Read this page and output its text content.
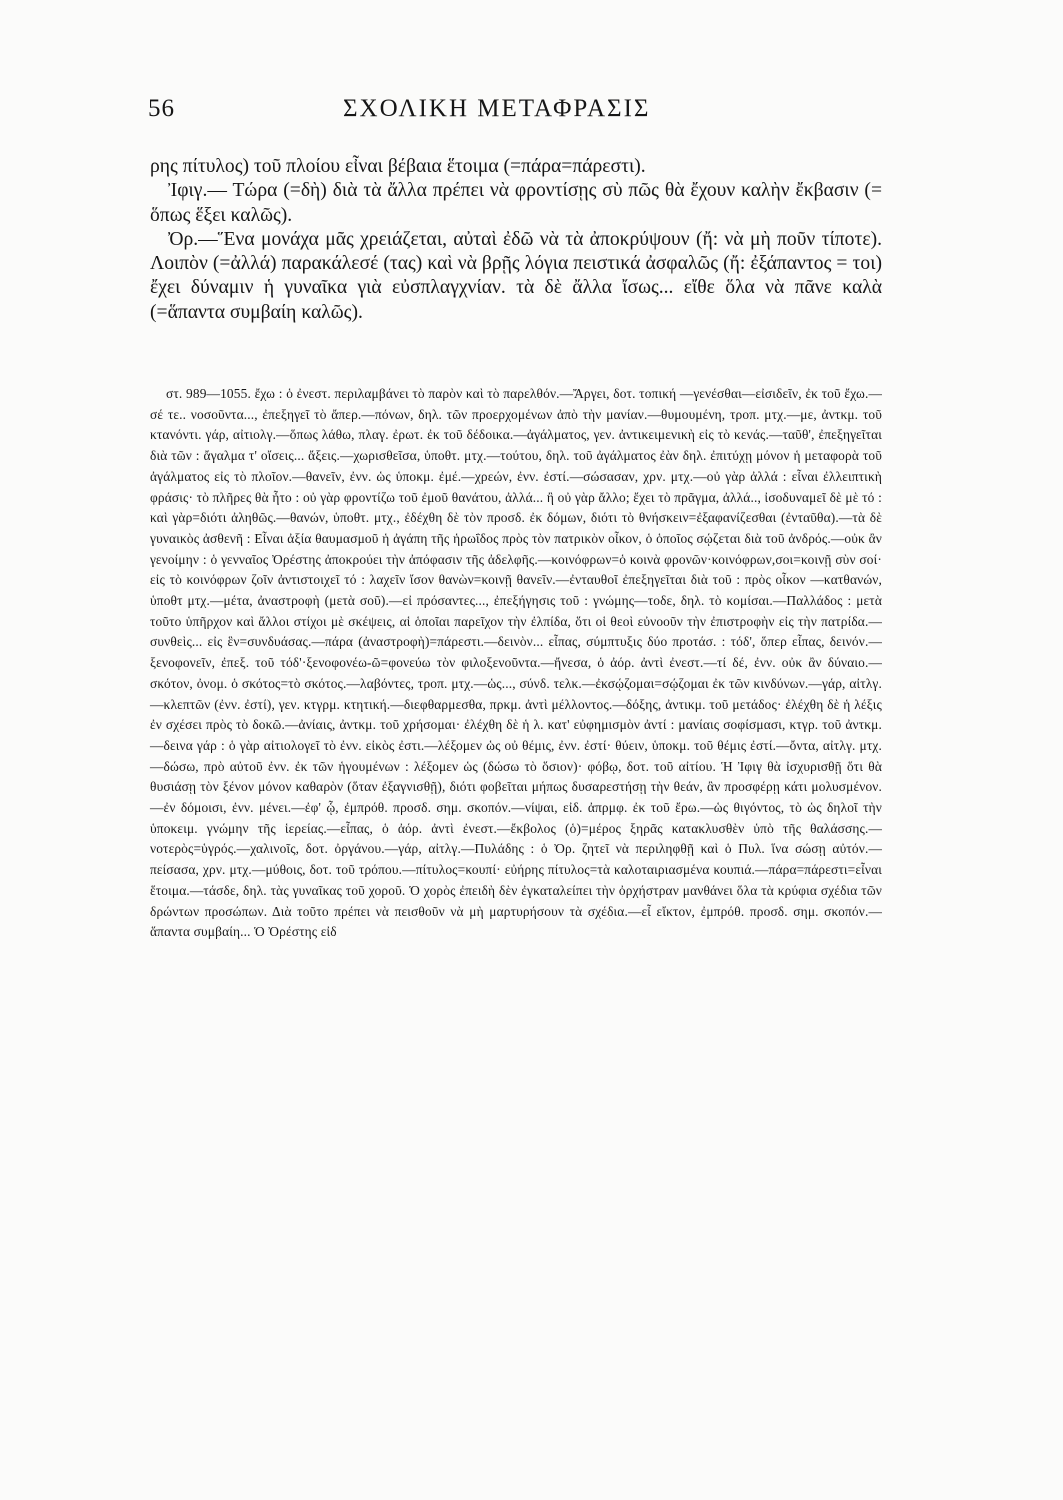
56	ΣΧΟΛΙΚΗ ΜΕΤΑΦΡΑΣΙΣ

ρης πίτυλος) τοῦ πλοίου εἶναι βέβαια ἕτοιμα (=πάρα=πάρεστι).

Ἰφιγ.— Τώρα (=δὴ) διὰ τὰ ἄλλα πρέπει νὰ φροντίσῃς σὺ πῶς θὰ ἔχουν καλὴν ἔκβασιν (= ὅπως ἕξει καλῶς).

Ὀρ.—Ἕνα μονάχα μᾶς χρειάζεται, αὐταὶ ἐδῶ νὰ τὰ ἀποκρύψουν (ἤ: νὰ μὴ ποῦν τίποτε). Λοιπὸν (=ἀλλά) παρακάλεσέ (τας) καὶ νὰ βρῇς λόγια πειστικά ἀσφαλῶς (ἤ: ἐξάπαντος = τοι) ἔχει δύναμιν ἡ γυναῖκα γιὰ εὐσπλαγχνίαν. τὰ δὲ ἄλλα ἴσως... εἴθε ὅλα νὰ πᾶνε καλὰ (=ἅπαντα συμβαίη καλῶς).

στ. 989—1055. ἔχω : ὁ ἐνεστ. περιλαμβάνει τὸ παρὸν καὶ τὸ παρελθόν.—Ἄργει, δοτ. τοπική —γενέσθαι—εἰσιδεῖν, ἐκ τοῦ ἔχω.—σέ τε.. νοσοῦντα..., ἐπεξηγεῖ τὸ ἄπερ.—πόνων, δηλ. τῶν προερχομένων ἀπὸ τὴν μανίαν.—θυμουμένη, τροπ. μτχ.—με, ἀντκμ. τοῦ κτανόντι. γάρ, αἰτιολγ.—ὅπως λάθω, πλαγ. ἐρωτ. ἐκ τοῦ δέδοικα.—ἀγάλματος, γεν. ἀντικειμενικὴ εἰς τὸ κενάς.—ταῦθ', ἐπεξηγεῖται διὰ τῶν : ἄγαλμα τ' οἴσεις... ἄξεις.—χωρισθεῖσα, ὑποθτ. μτχ.—τούτου, δηλ. τοῦ ἀγάλματος ἐὰν δηλ. ἐπιτύχῃ μόνον ἡ μεταφορὰ τοῦ ἀγάλματος εἰς τὸ πλοῖον.—θανεῖν, ἐνν. ὡς ὑποκμ. ἐμέ.—χρεών, ἐνν. ἐστί.—σώσασαν, χρν. μτχ.—οὐ γὰρ ἀλλά : εἶναι ἐλλειπτικὴ φράσις· τὸ πλῆρες θὰ ἦτο : οὐ γὰρ φροντίζω τοῦ ἐμοῦ θανάτου, ἀλλά... ἢ οὐ γὰρ ἄλλο; ἔχει τὸ πρᾶγμα, ἀλλά.., ἰσοδυναμεῖ δὲ μὲ τό : καὶ γὰρ=διότι ἀληθῶς.—θανών, ὑποθτ. μτχ., ἐδέχθη δὲ τὸν προσδ. ἐκ δόμων, διότι τὸ θνήσκειν=ἐξαφανίζεσθαι (ἐνταῦθα).—τὰ δὲ γυναικὸς ἀσθενῆ : Εἶναι ἀξία θαυμασμοῦ ἡ ἀγάπη τῆς ἡρωΐδος πρὸς τὸν πατρικὸν οἶκον, ὁ ὁποῖος σῴζεται διὰ τοῦ ἀνδρός.—οὐκ ἂν γενοίμην : ὁ γενναῖος Ὀρέστης ἀποκρούει τὴν ἀπόφασιν τῆς ἀδελφῆς.—κοινόφρων=ὁ κοινὰ φρονῶν·κοινόφρων,σοι=κοινῇ σὺν σοί· εἰς τὸ κοινόφρων ζοῖν ἀντιστοιχεῖ τό : λαχεῖν ἴσον θανὼν=κοινῇ θανεῖν.—ἐνταυθοῖ ἐπεξηγεῖται διὰ τοῦ : πρὸς οἶκον —κατθανών, ὑποθτ μτχ.—μέτα, ἀναστροφὴ (μετὰ σοῦ).—εἰ πρόσαντες..., ἐπεξήγησις τοῦ : γνώμης—τοδε, δηλ. τὸ κομίσαι.—Παλλάδος : μετὰ τοῦτο ὑπῆρχον καὶ ἄλλοι στίχοι μὲ σκέψεις, αἱ ὁποῖαι παρεῖχον τὴν ἐλπίδα, ὅτι οἱ θεοὶ εὐνοοῦν τὴν ἐπιστροφὴν εἰς τὴν πατρίδα.—συνθεὶς... εἰς ἓν=συνδυάσας.—πάρα (ἀναστροφὴ)=πάρεστι.—δεινὸν... εἶπας, σύμπτυξις δύο προτάσ. : τόδ', ὅπερ εἶπας, δεινόν.—ξενοφονεῖν, ἐπεξ. τοῦ τόδ'·ξενοφονέω-ῶ=φονεύω τὸν φιλοξενοῦντα.—ἤνεσα, ὁ ἀόρ. ἀντὶ ἐνεστ.—τί δέ, ἐνν. οὐκ ἂν δύναιο.—σκότον, ὀνομ. ὁ σκότος=τὸ σκότος.—λαβόντες, τροπ. μτχ.—ὡς..., σύνδ. τελκ.—ἐκσῴζομαι=σῴζομαι ἐκ τῶν κινδύνων.—γάρ, αἰτλγ.—κλεπτῶν (ἐνν. ἐστί), γεν. κτγρμ. κτητική.—διεφθαρμεσθα, πρκμ. ἀντὶ μέλλοντος.—δόξης, ἀντικμ. τοῦ μετάδος· ἐλέχθη δὲ ἡ λέξις ἐν σχέσει πρὸς τὸ δοκῶ.—ἀνίαις, ἀντκμ. τοῦ χρήσομαι· ἐλέχθη δὲ ἡ λ. κατ' εὐφημισμὸν ἀντί : μανίαις σοφίσμασι, κτγρ. τοῦ ἀντκμ.—δεινα γάρ : ὁ γὰρ αἰτιολογεῖ τὸ ἐνν. εἰκὸς ἐστι.—λέξομεν ὡς οὐ θέμις, ἐνν. ἐστί· θύειν, ὑποκμ. τοῦ θέμις ἐστί.—ὄντα, αἰτλγ. μτχ.—δώσω, πρὸ αὐτοῦ ἐνν. ἐκ τῶν ἡγουμένων : λέξομεν ὡς (δώσω τὸ ὅσιον)· φόβῳ, δοτ. τοῦ αἰτίου. Ἡ Ἰφιγ θὰ ἰσχυρισθῇ ὅτι θὰ θυσιάσῃ τὸν ξένον μόνον καθαρὸν (ὅταν ἐξαγνισθῇ), διότι φοβεῖται μήπως δυσαρεστήσῃ τὴν θεάν, ἂν προσφέρῃ κάτι μολυσμένον.—ἐν δόμοισι, ἐνν. μένει.—ἐφ' ᾧ, ἐμπρόθ. προσδ. σημ. σκοπόν.—νίψαι, εἰδ. ἀπρμφ. ἐκ τοῦ ἔρω.—ὡς θιγόντος, τὸ ὡς δηλοῖ τὴν ὑποκειμ. γνώμην τῆς ἱερείας.—εἶπας, ὁ ἀόρ. ἀντὶ ἐνεστ.—ἔκβολος (ὁ)=μέρος ξηρᾶς κατακλυσθὲν ὑπὸ τῆς θαλάσσης.—νοτερὸς=ὑγρός.—χαλινοῖς, δοτ. ὀργάνου.—γάρ, αἰτλγ.—Πυλάδης : ὁ Ὀρ. ζητεῖ νὰ περιληφθῇ καὶ ὁ Πυλ. ἵνα σώσῃ αὐτόν.—πείσασα, χρν. μτχ.—μύθοις, δοτ. τοῦ τρόπου.—πίτυλος=κουπί· εὐήρης πίτυλος=τὰ καλοταιριασμένα κουπιά.—πάρα=πάρεστι=εἶναι ἕτοιμα.—τάσδε, δηλ. τὰς γυναῖκας τοῦ χοροῦ. Ὁ χορὸς ἐπειδὴ δὲν ἐγκαταλείπει τὴν ὀρχήστραν μανθάνει ὅλα τὰ κρύφια σχέδια τῶν δρώντων προσώπων. Διὰ τοῦτο πρέπει νὰ πεισθοῦν νὰ μὴ μαρτυρήσουν τὰ σχέδια.—εἶ εἴκτον, ἐμπρόθ. προσδ. σημ. σκοπόν.—ἅπαντα συμβαίη... Ὁ Ὀρέστης εἰδ
